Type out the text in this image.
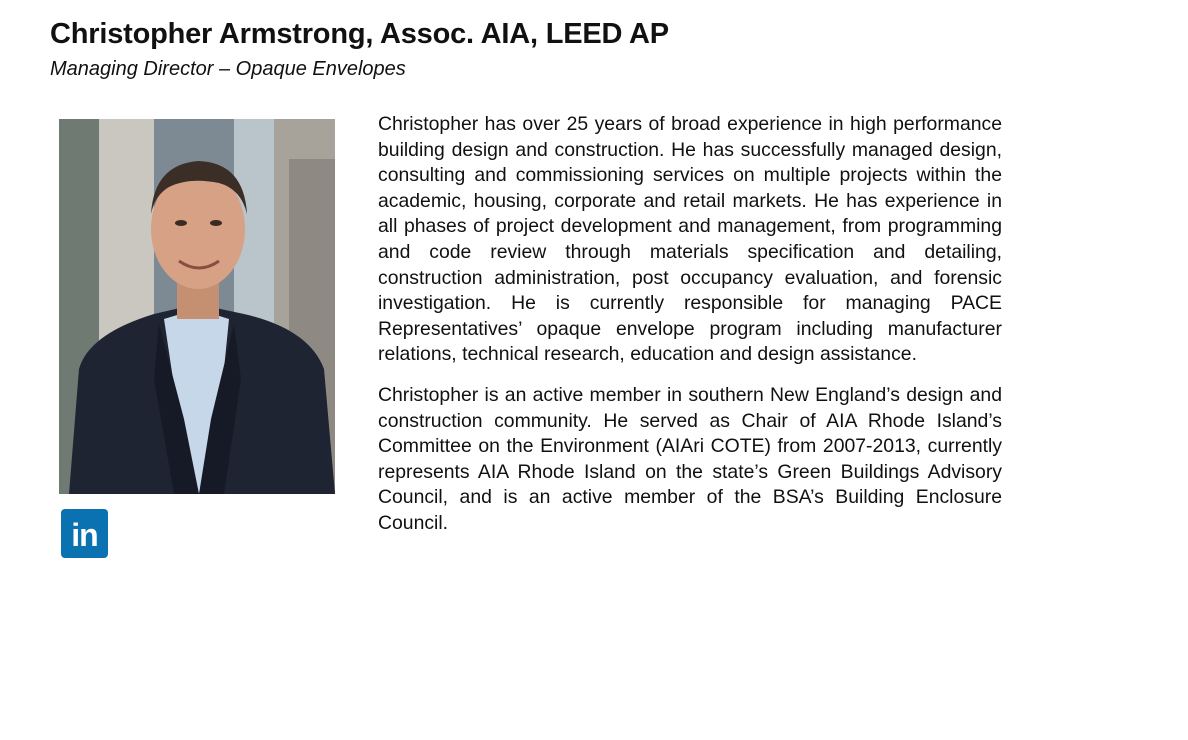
Christopher Armstrong, Assoc. AIA, LEED AP

Managing Director – Opaque Envelopes

in

Christopher has over 25 years of broad experience in high performance building design and construction. He has successfully managed design, consulting and commissioning services on multiple projects within the academic, housing, corporate and retail markets. He has experience in all phases of project development and management, from programming and code review through materials specification and detailing, construction administration, post occupancy evaluation, and forensic investigation. He is currently responsible for managing PACE Representatives’ opaque envelope program including manufacturer relations, technical research, education and design assistance.

Christopher is an active member in southern New England’s design and construction community. He served as Chair of AIA Rhode Island’s Committee on the Environment (AIAri COTE) from 2007-2013, currently represents AIA Rhode Island on the state’s Green Buildings Advisory Council, and is an active member of the BSA’s Building Enclosure Council.
